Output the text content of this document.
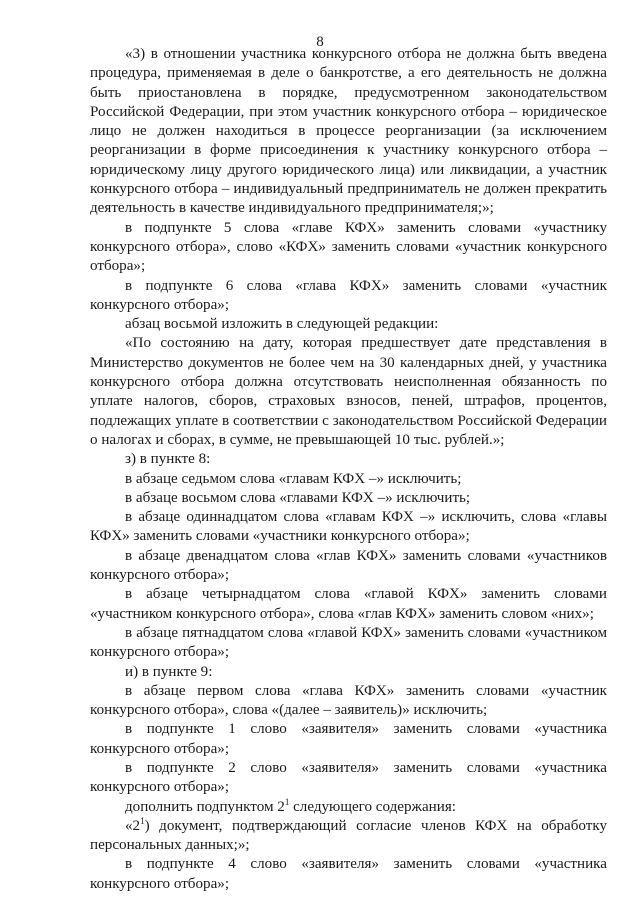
8

«3) в отношении участника конкурсного отбора не должна быть введена процедура, применяемая в деле о банкротстве, а его деятельность не должна быть приостановлена в порядке, предусмотренном законодательством Российской Федерации, при этом участник конкурсного отбора – юридическое лицо не должен находиться в процессе реорганизации (за исключением реорганизации в форме присоединения к участнику конкурсного отбора – юридическому лицу другого юридического лица) или ликвидации, а участник конкурсного отбора – индивидуальный предприниматель не должен прекратить деятельность в качестве индивидуального предпринимателя;»;

в подпункте 5 слова «главе КФХ» заменить словами «участнику конкурсного отбора», слово «КФХ» заменить словами «участник конкурсного отбора»;

в подпункте 6 слова «глава КФХ» заменить словами «участник конкурсного отбора»;

абзац восьмой изложить в следующей редакции:

«По состоянию на дату, которая предшествует дате представления в Министерство документов не более чем на 30 календарных дней, у участника конкурсного отбора должна отсутствовать неисполненная обязанность по уплате налогов, сборов, страховых взносов, пеней, штрафов, процентов, подлежащих уплате в соответствии с законодательством Российской Федерации о налогах и сборах, в сумме, не превышающей 10 тыс. рублей.»;

з) в пункте 8:

в абзаце седьмом слова «главам КФХ –» исключить;

в абзаце восьмом слова «главами КФХ –» исключить;

в абзаце одиннадцатом слова «главам КФХ –» исключить, слова «главы КФХ» заменить словами «участники конкурсного отбора»;

в абзаце двенадцатом слова «глав КФХ» заменить словами «участников конкурсного отбора»;

в абзаце четырнадцатом слова «главой КФХ» заменить словами «участником конкурсного отбора», слова «глав КФХ» заменить словом «них»;

в абзаце пятнадцатом слова «главой КФХ» заменить словами «участником конкурсного отбора»;

и) в пункте 9:

в абзаце первом слова «глава КФХ» заменить словами «участник конкурсного отбора», слова «(далее – заявитель)» исключить;

в подпункте 1 слово «заявителя» заменить словами «участника конкурсного отбора»;

в подпункте 2 слово «заявителя» заменить словами «участника конкурсного отбора»;

дополнить подпунктом $2^1$ следующего содержания:

«$2^1$) документ, подтверждающий согласие членов КФХ на обработку персональных данных;»;

в подпункте 4 слово «заявителя» заменить словами «участника конкурсного отбора»;
